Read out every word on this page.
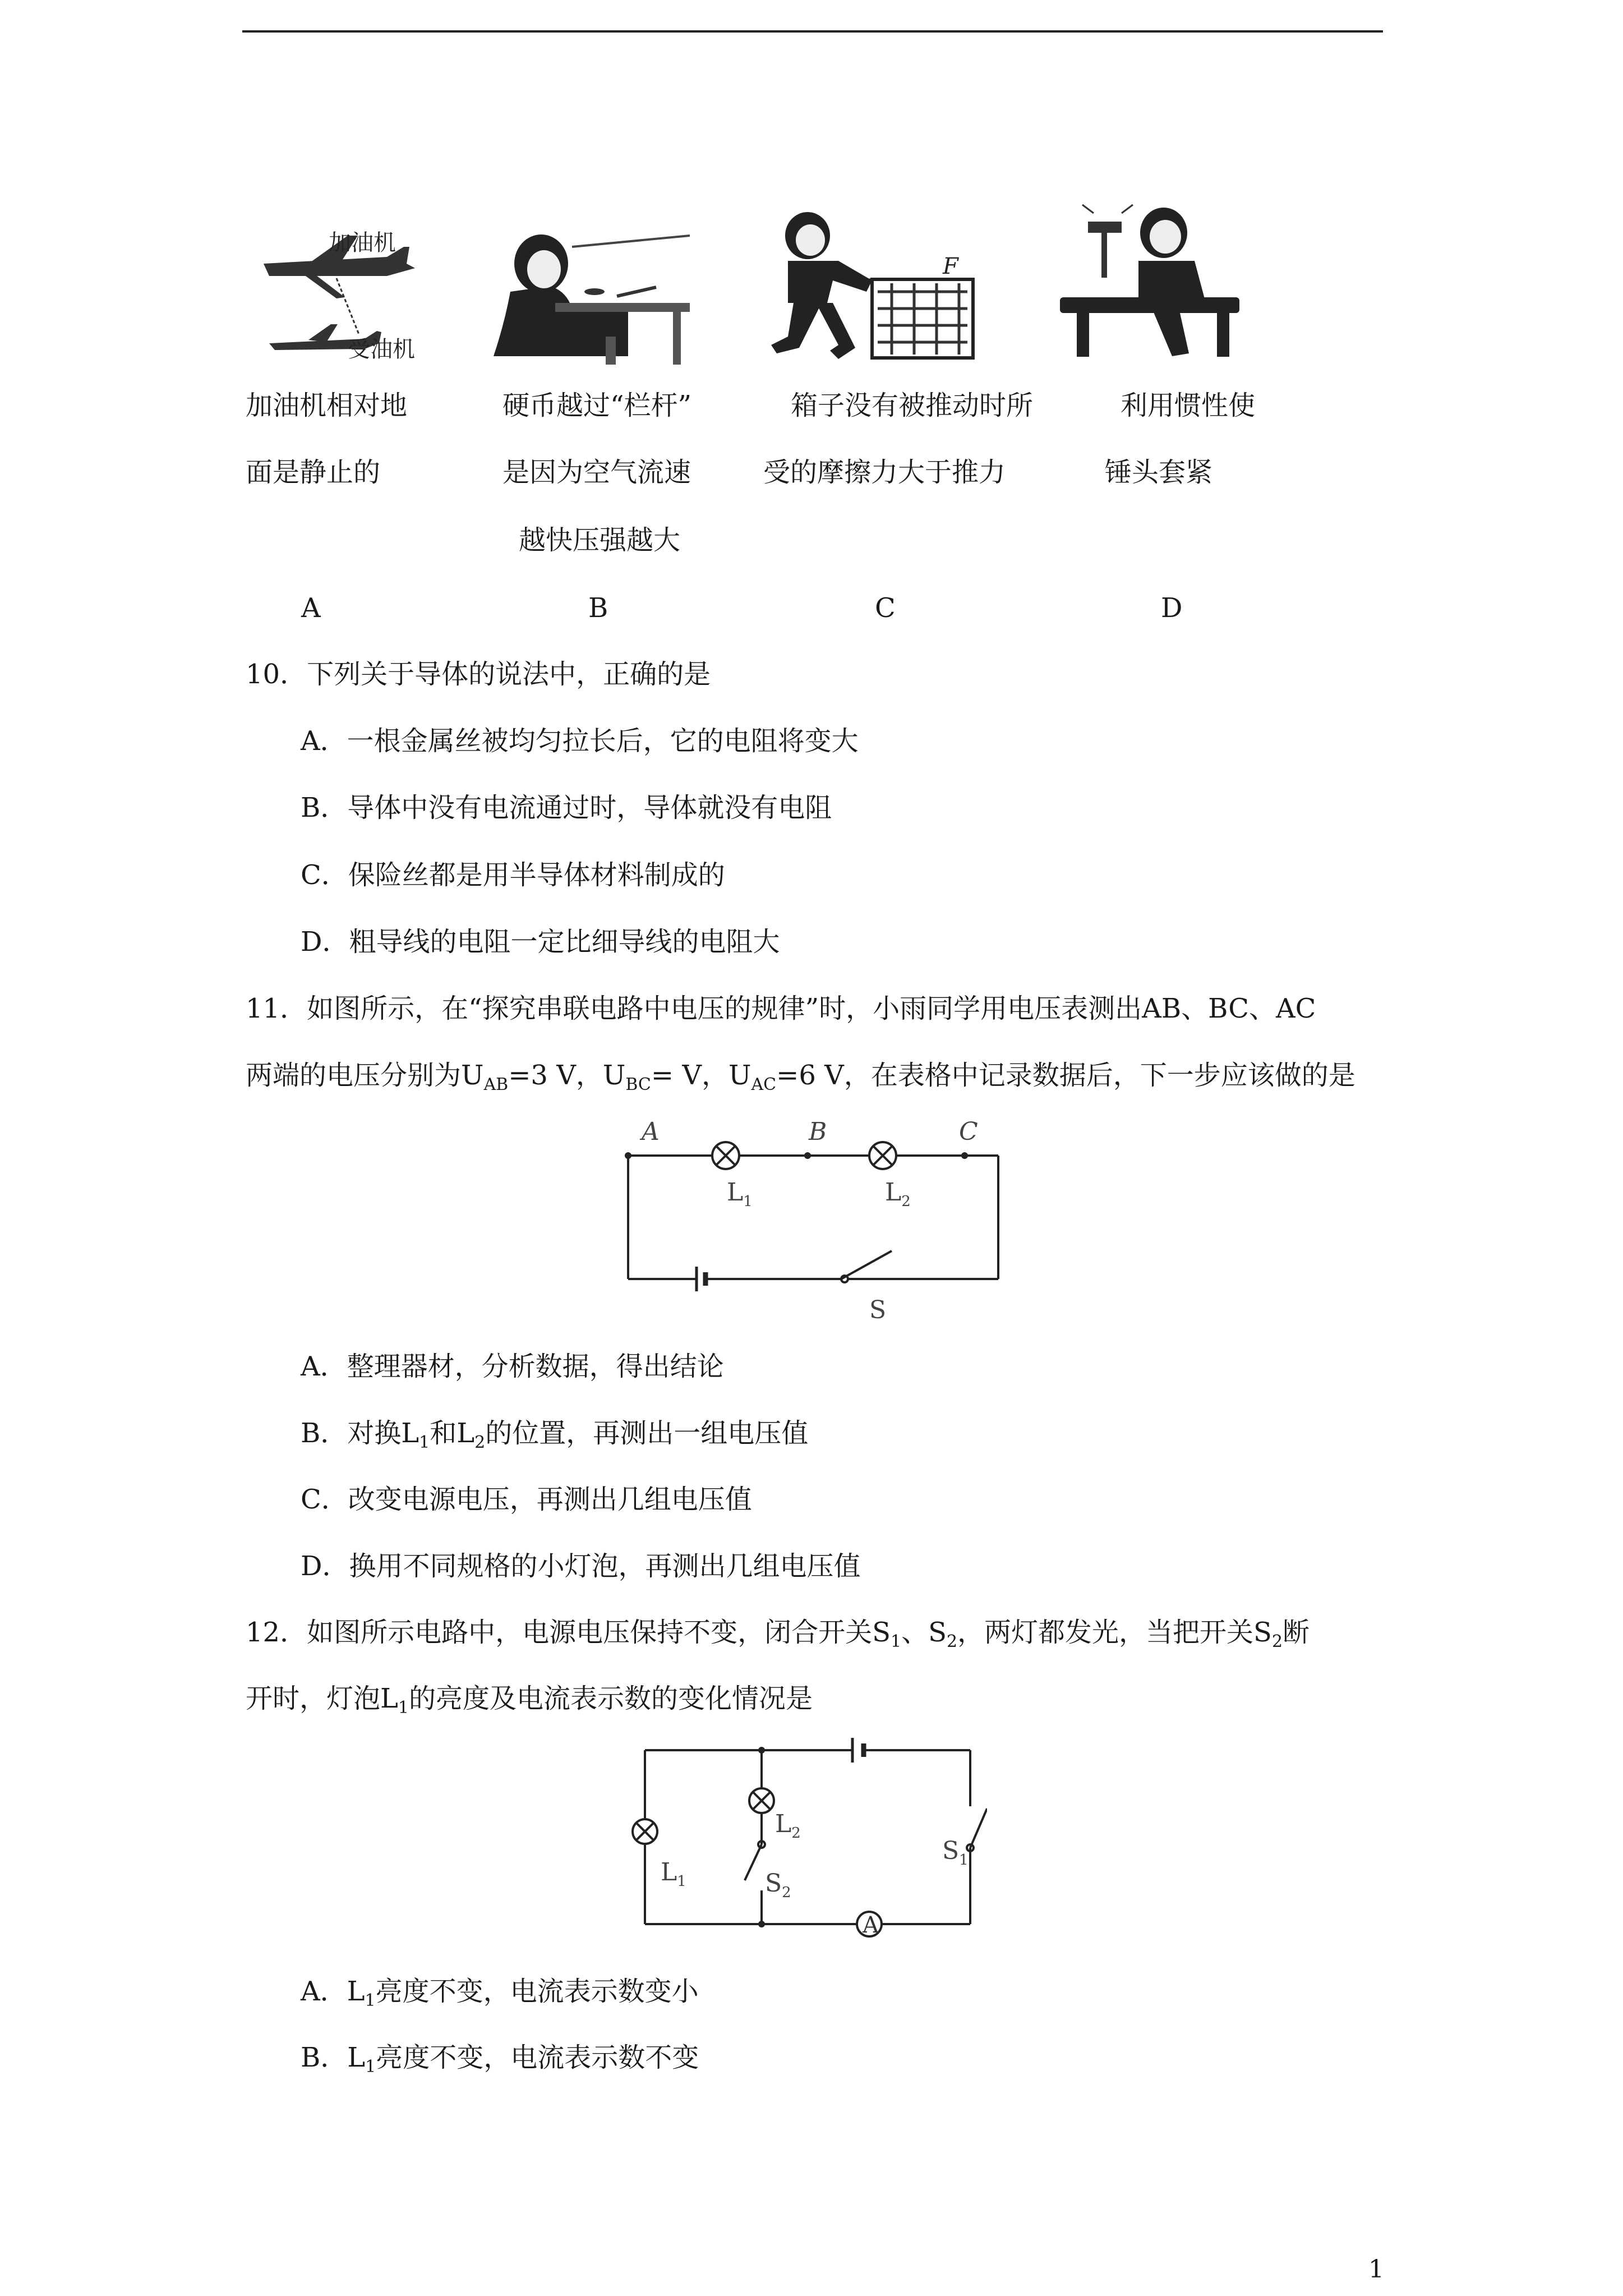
加油机
受油机
F
加油机相对地
面是静止的
硬币越过“栏杆”
是因为空气流速
越快压强越大
箱子没有被推动时所
受的摩擦力大于推力
利用惯性使
锤头套紧
A	B	C	D
10．下列关于导体的说法中，正确的是
A．一根金属丝被均匀拉长后，它的电阻将变大
B．导体中没有电流通过时，导体就没有电阻
C．保险丝都是用半导体材料制成的
D．粗导线的电阻一定比细导线的电阻大
11．如图所示，在“探究串联电路中电压的规律”时，小雨同学用电压表测出AB、BC、AC
两端的电压分别为$U_{AB}=3$ V，$U_{BC}= V$，$U_{AC}=6$ V，在表格中记录数据后，下一步应该做的是
A	B	C
$L_1$	$L_2$
S
A．整理器材，分析数据，得出结论
B．对换$L_1$和$L_2$的位置，再测出一组电压值
C．改变电源电压，再测出几组电压值
D．换用不同规格的小灯泡，再测出几组电压值
12．如图所示电路中，电源电压保持不变，闭合开关$S_1$、$S_2$，两灯都发光，当把开关$S_2$断
开时，灯泡$L_1$的亮度及电流表示数的变化情况是
A
$L_1$
$L_2$
$S_2$
$S_1$
A．$L_1$亮度不变，电流表示数变小
B．$L_1$亮度不变，电流表示数不变
1
